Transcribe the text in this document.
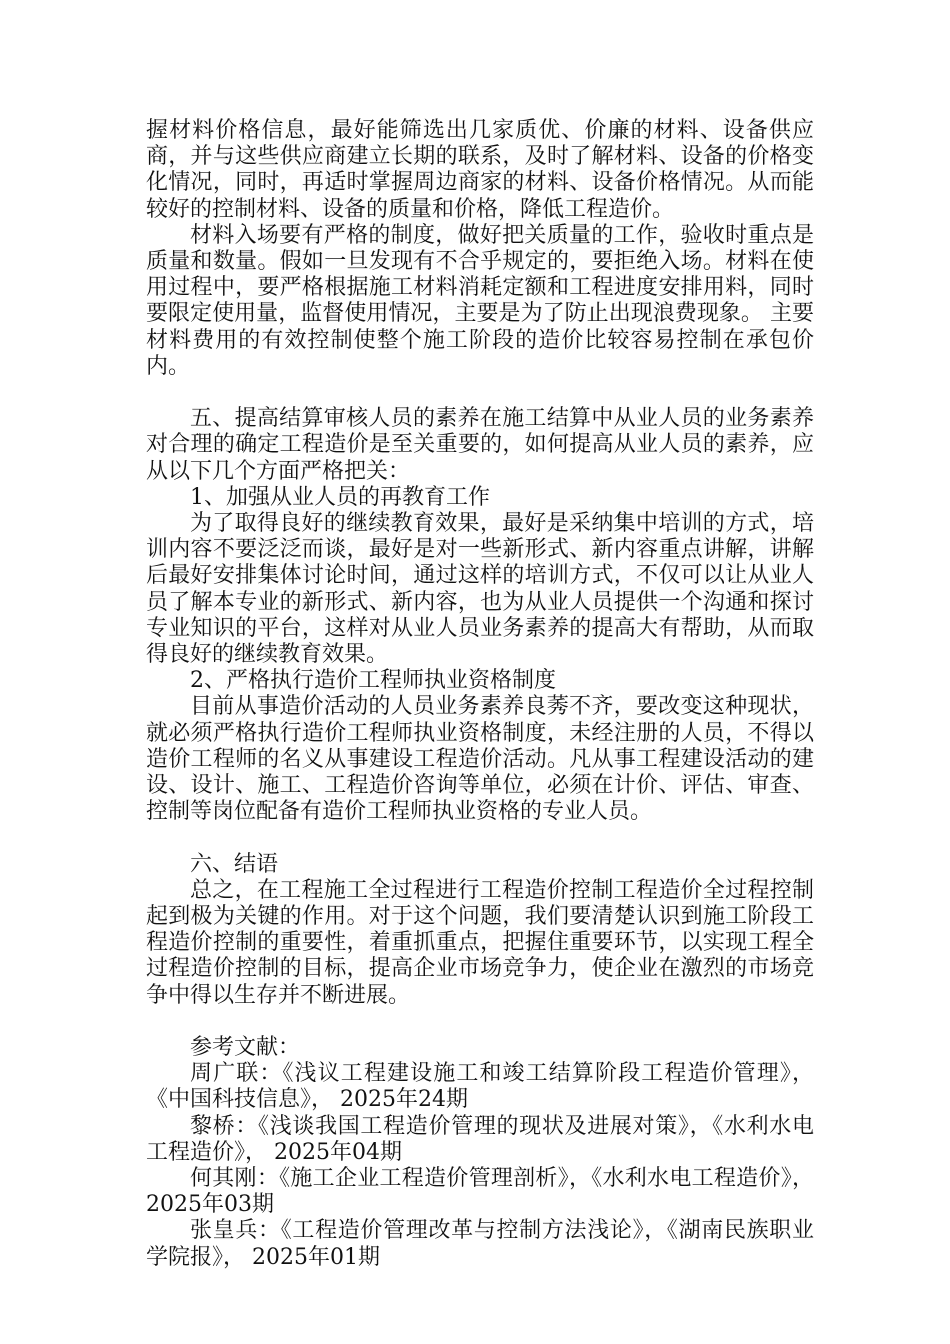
握材料价格信息，最好能筛选出几家质优、价廉的材料、设备供应商，并与这些供应商建立长期的联系，及时了解材料、设备的价格变化情况，同时，再适时掌握周边商家的材料、设备价格情况。从而能较好的控制材料、设备的质量和价格，降低工程造价。

材料入场要有严格的制度，做好把关质量的工作，验收时重点是质量和数量。假如一旦发现有不合乎规定的，要拒绝入场。材料在使用过程中，要严格根据施工材料消耗定额和工程进度安排用料，同时要限定使用量，监督使用情况，主要是为了防止出现浪费现象。 主要材料费用的有效控制使整个施工阶段的造价比较容易控制在承包价内。

五、提高结算审核人员的素养在施工结算中从业人员的业务素养对合理的确定工程造价是至关重要的，如何提高从业人员的素养，应从以下几个方面严格把关：

1、加强从业人员的再教育工作

为了取得良好的继续教育效果，最好是采纳集中培训的方式，培训内容不要泛泛而谈，最好是对一些新形式、新内容重点讲解，讲解后最好安排集体讨论时间，通过这样的培训方式，不仅可以让从业人员了解本专业的新形式、新内容，也为从业人员提供一个沟通和探讨专业知识的平台，这样对从业人员业务素养的提高大有帮助，从而取得良好的继续教育效果。

2、严格执行造价工程师执业资格制度

目前从事造价活动的人员业务素养良莠不齐，要改变这种现状，就必须严格执行造价工程师执业资格制度，未经注册的人员，不得以造价工程师的名义从事建设工程造价活动。凡从事工程建设活动的建设、设计、施工、工程造价咨询等单位，必须在计价、评估、审查、控制等岗位配备有造价工程师执业资格的专业人员。

六、结语

总之，在工程施工全过程进行工程造价控制工程造价全过程控制起到极为关键的作用。对于这个问题，我们要清楚认识到施工阶段工程造价控制的重要性，着重抓重点，把握住重要环节，以实现工程全过程造价控制的目标，提高企业市场竞争力，使企业在激烈的市场竞争中得以生存并不断进展。

参考文献：

周广联：《浅议工程建设施工和竣工结算阶段工程造价管理》，《中国科技信息》， 2025年24期

黎桥：《浅谈我国工程造价管理的现状及进展对策》，《水利水电工程造价》， 2025年04期

何其刚：《施工企业工程造价管理剖析》，《水利水电工程造价》， 2025年03期

张皇兵：《工程造价管理改革与控制方法浅论》，《湖南民族职业学院报》， 2025年01期
